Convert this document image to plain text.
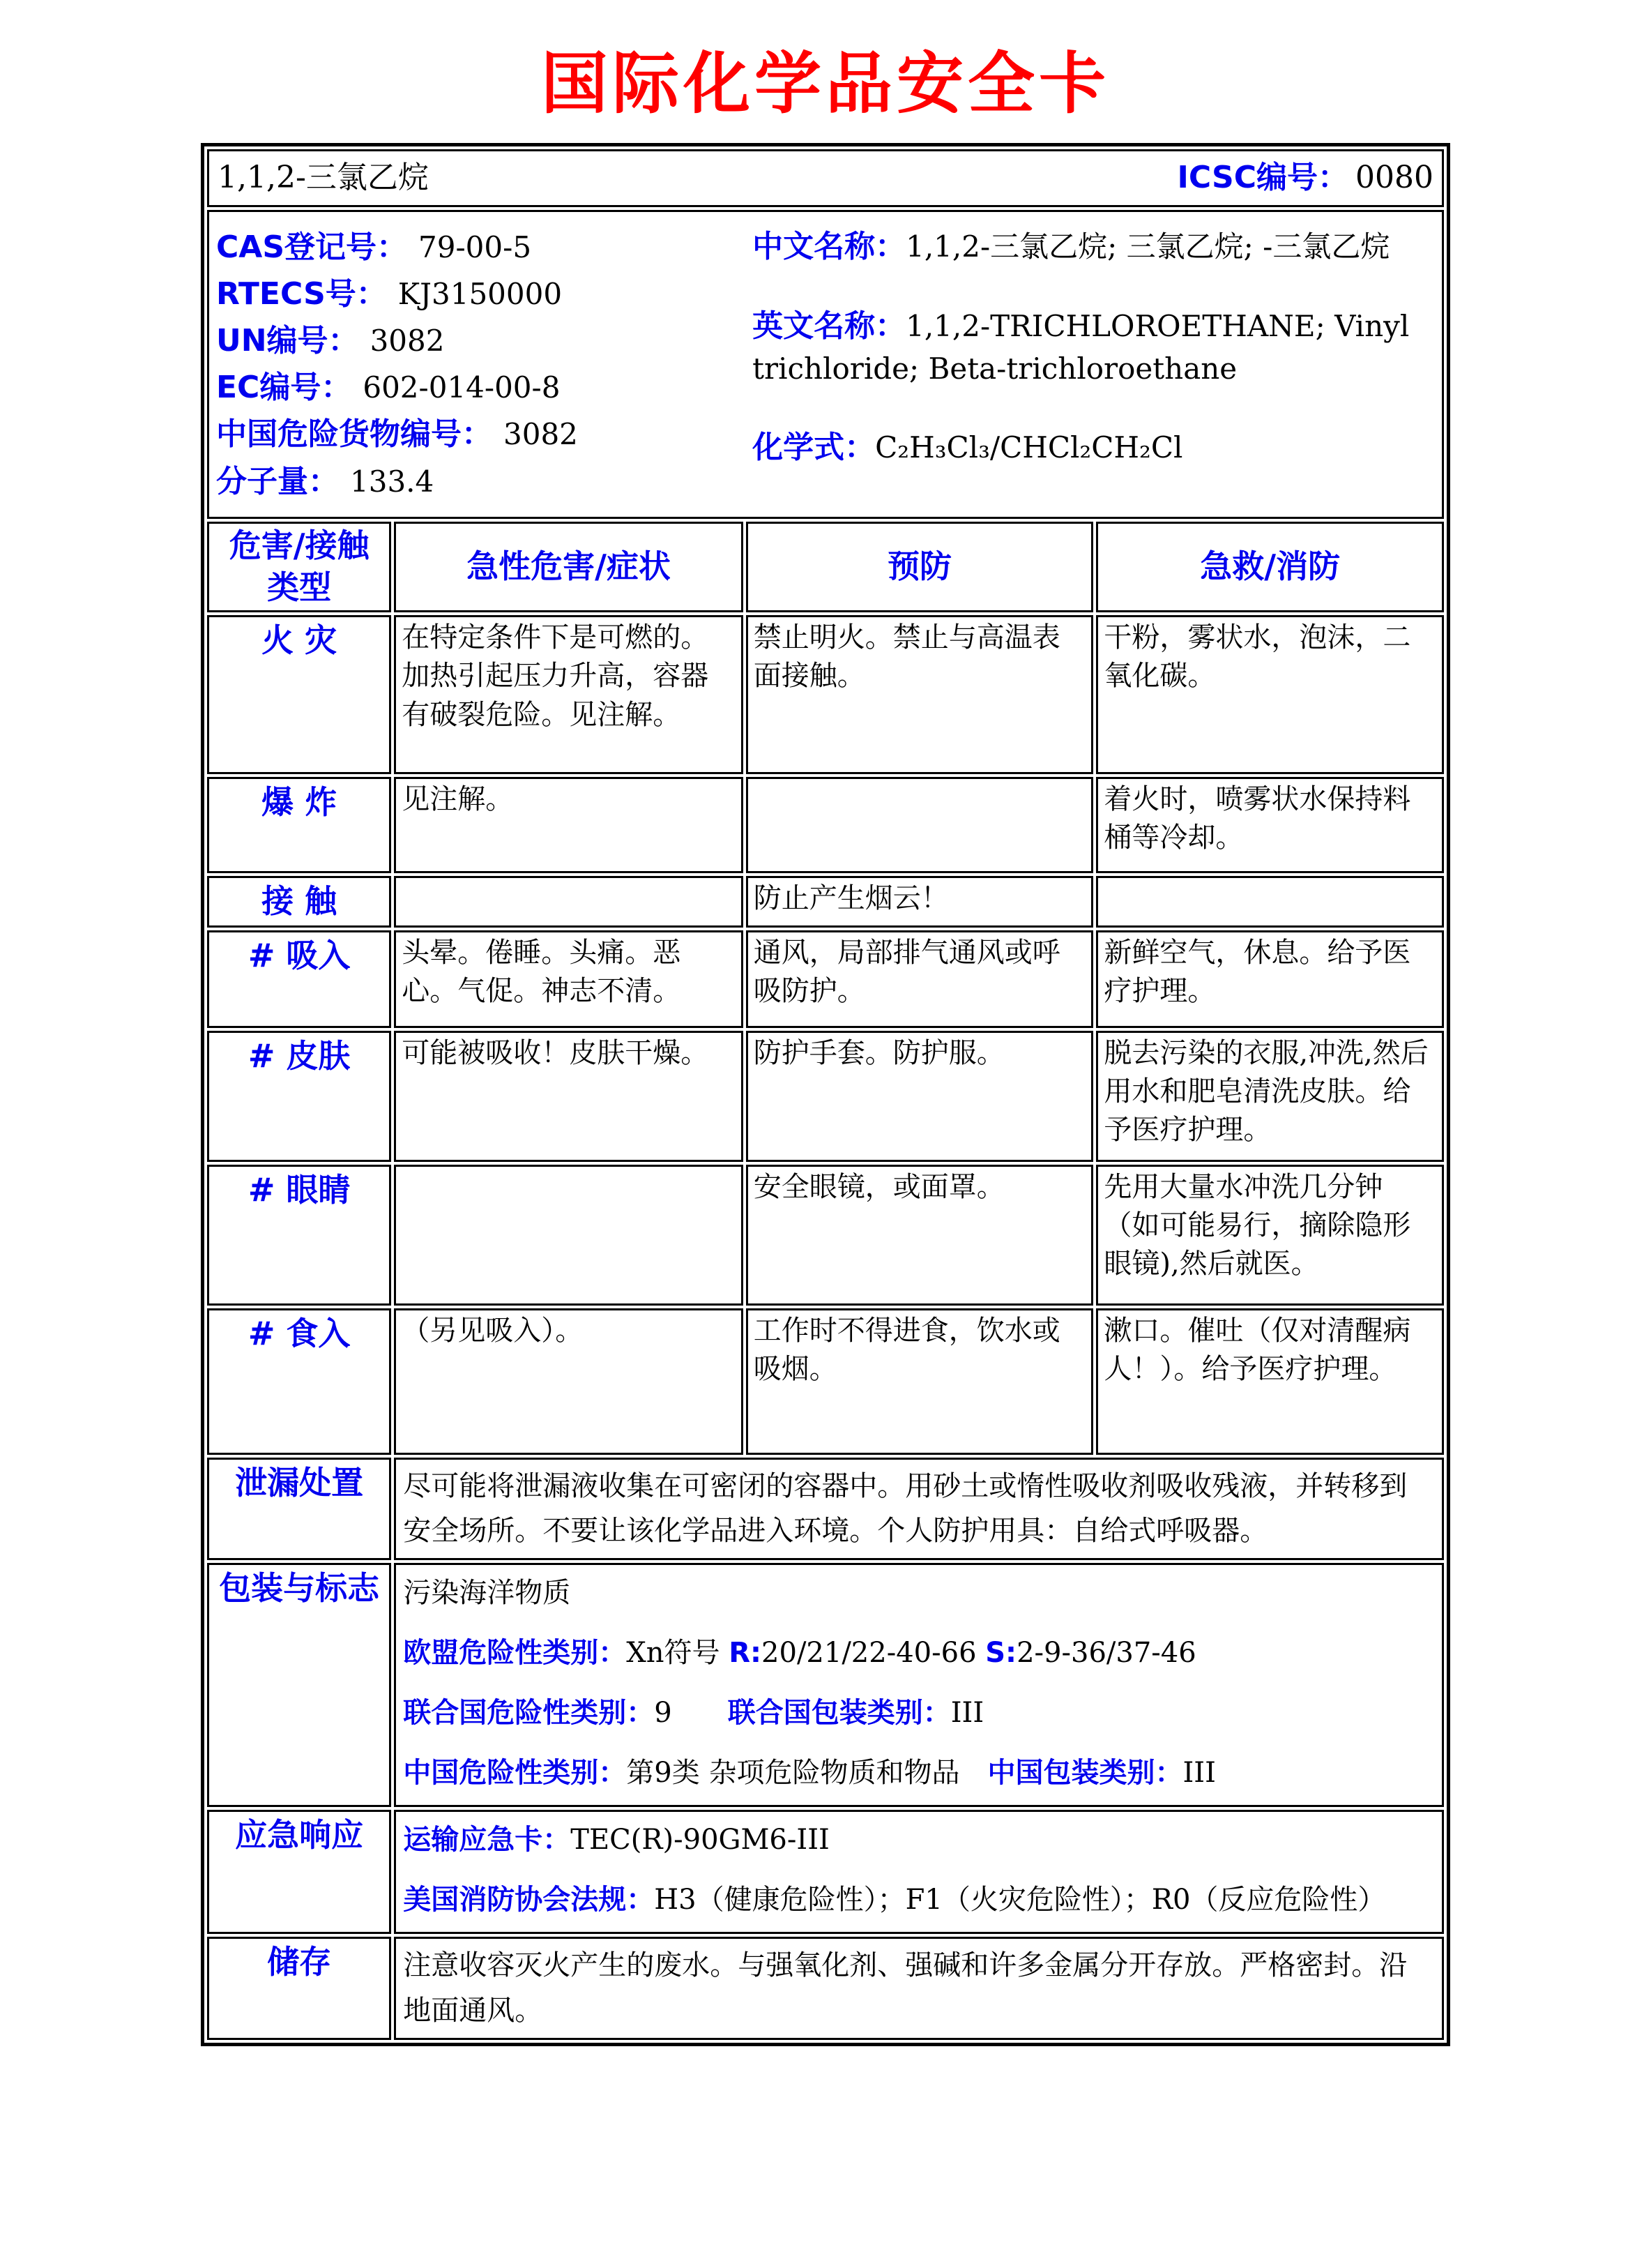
国际化学品安全卡
1,1,2-三氯乙烷 ICSC编号： 0080			

CAS登记号： 79-00-5
RTECS号： KJ3150000
UN编号： 3082
EC编号： 602-014-00-8
中国危险货物编号： 3082
分子量： 133.4
中文名称：1,1,2-三氯乙烷; 三氯乙烷; -三氯乙烷
英文名称：1,1,2-TRICHLOROETHANE; Vinyl trichloride; Beta-trichloroethane
化学式：C₂H₃Cl₃/CHCl₂CH₂Cl

危害/接触类型	急性危害/症状	预防	急救/消防
火 灾	在特定条件下是可燃的。加热引起压力升高，容器有破裂危险。见注解。	禁止明火。禁止与高温表面接触。	干粉，雾状水，泡沫，二氧化碳。
爆 炸	见注解。		着火时，喷雾状水保持料桶等冷却。
接 触		防止产生烟云！	
# 吸入	头晕。倦睡。头痛。恶心。气促。神志不清。	通风，局部排气通风或呼吸防护。	新鲜空气，休息。给予医疗护理。
# 皮肤	可能被吸收！皮肤干燥。	防护手套。防护服。	脱去污染的衣服,冲洗,然后用水和肥皂清洗皮肤。给予医疗护理。
# 眼睛		安全眼镜，或面罩。	先用大量水冲洗几分钟（如可能易行，摘除隐形眼镜),然后就医。
# 食入	（另见吸入）。	工作时不得进食，饮水或吸烟。	漱口。催吐（仅对清醒病人！）。给予医疗护理。
泄漏处置	尽可能将泄漏液收集在可密闭的容器中。用砂土或惰性吸收剂吸收残液，并转移到安全场所。不要让该化学品进入环境。个人防护用具：自给式呼吸器。		

包装与标志	污染海洋物质

欧盟危险性类别：Xn符号 R:20/21/22-40-66 S:2-9-36/37-46

联合国危险性类别：9　　 联合国包装类别：III

中国危险性类别：第9类 杂项危险物质和物品　 中国包装类别：III		

应急响应	运输应急卡：TEC(R)-90GM6-III

美国消防协会法规：H3（健康危险性）；F1（火灾危险性）；R0（反应危险性）		

储存	注意收容灭火产生的废水。与强氧化剂、强碱和许多金属分开存放。严格密封。沿地面通风。		
